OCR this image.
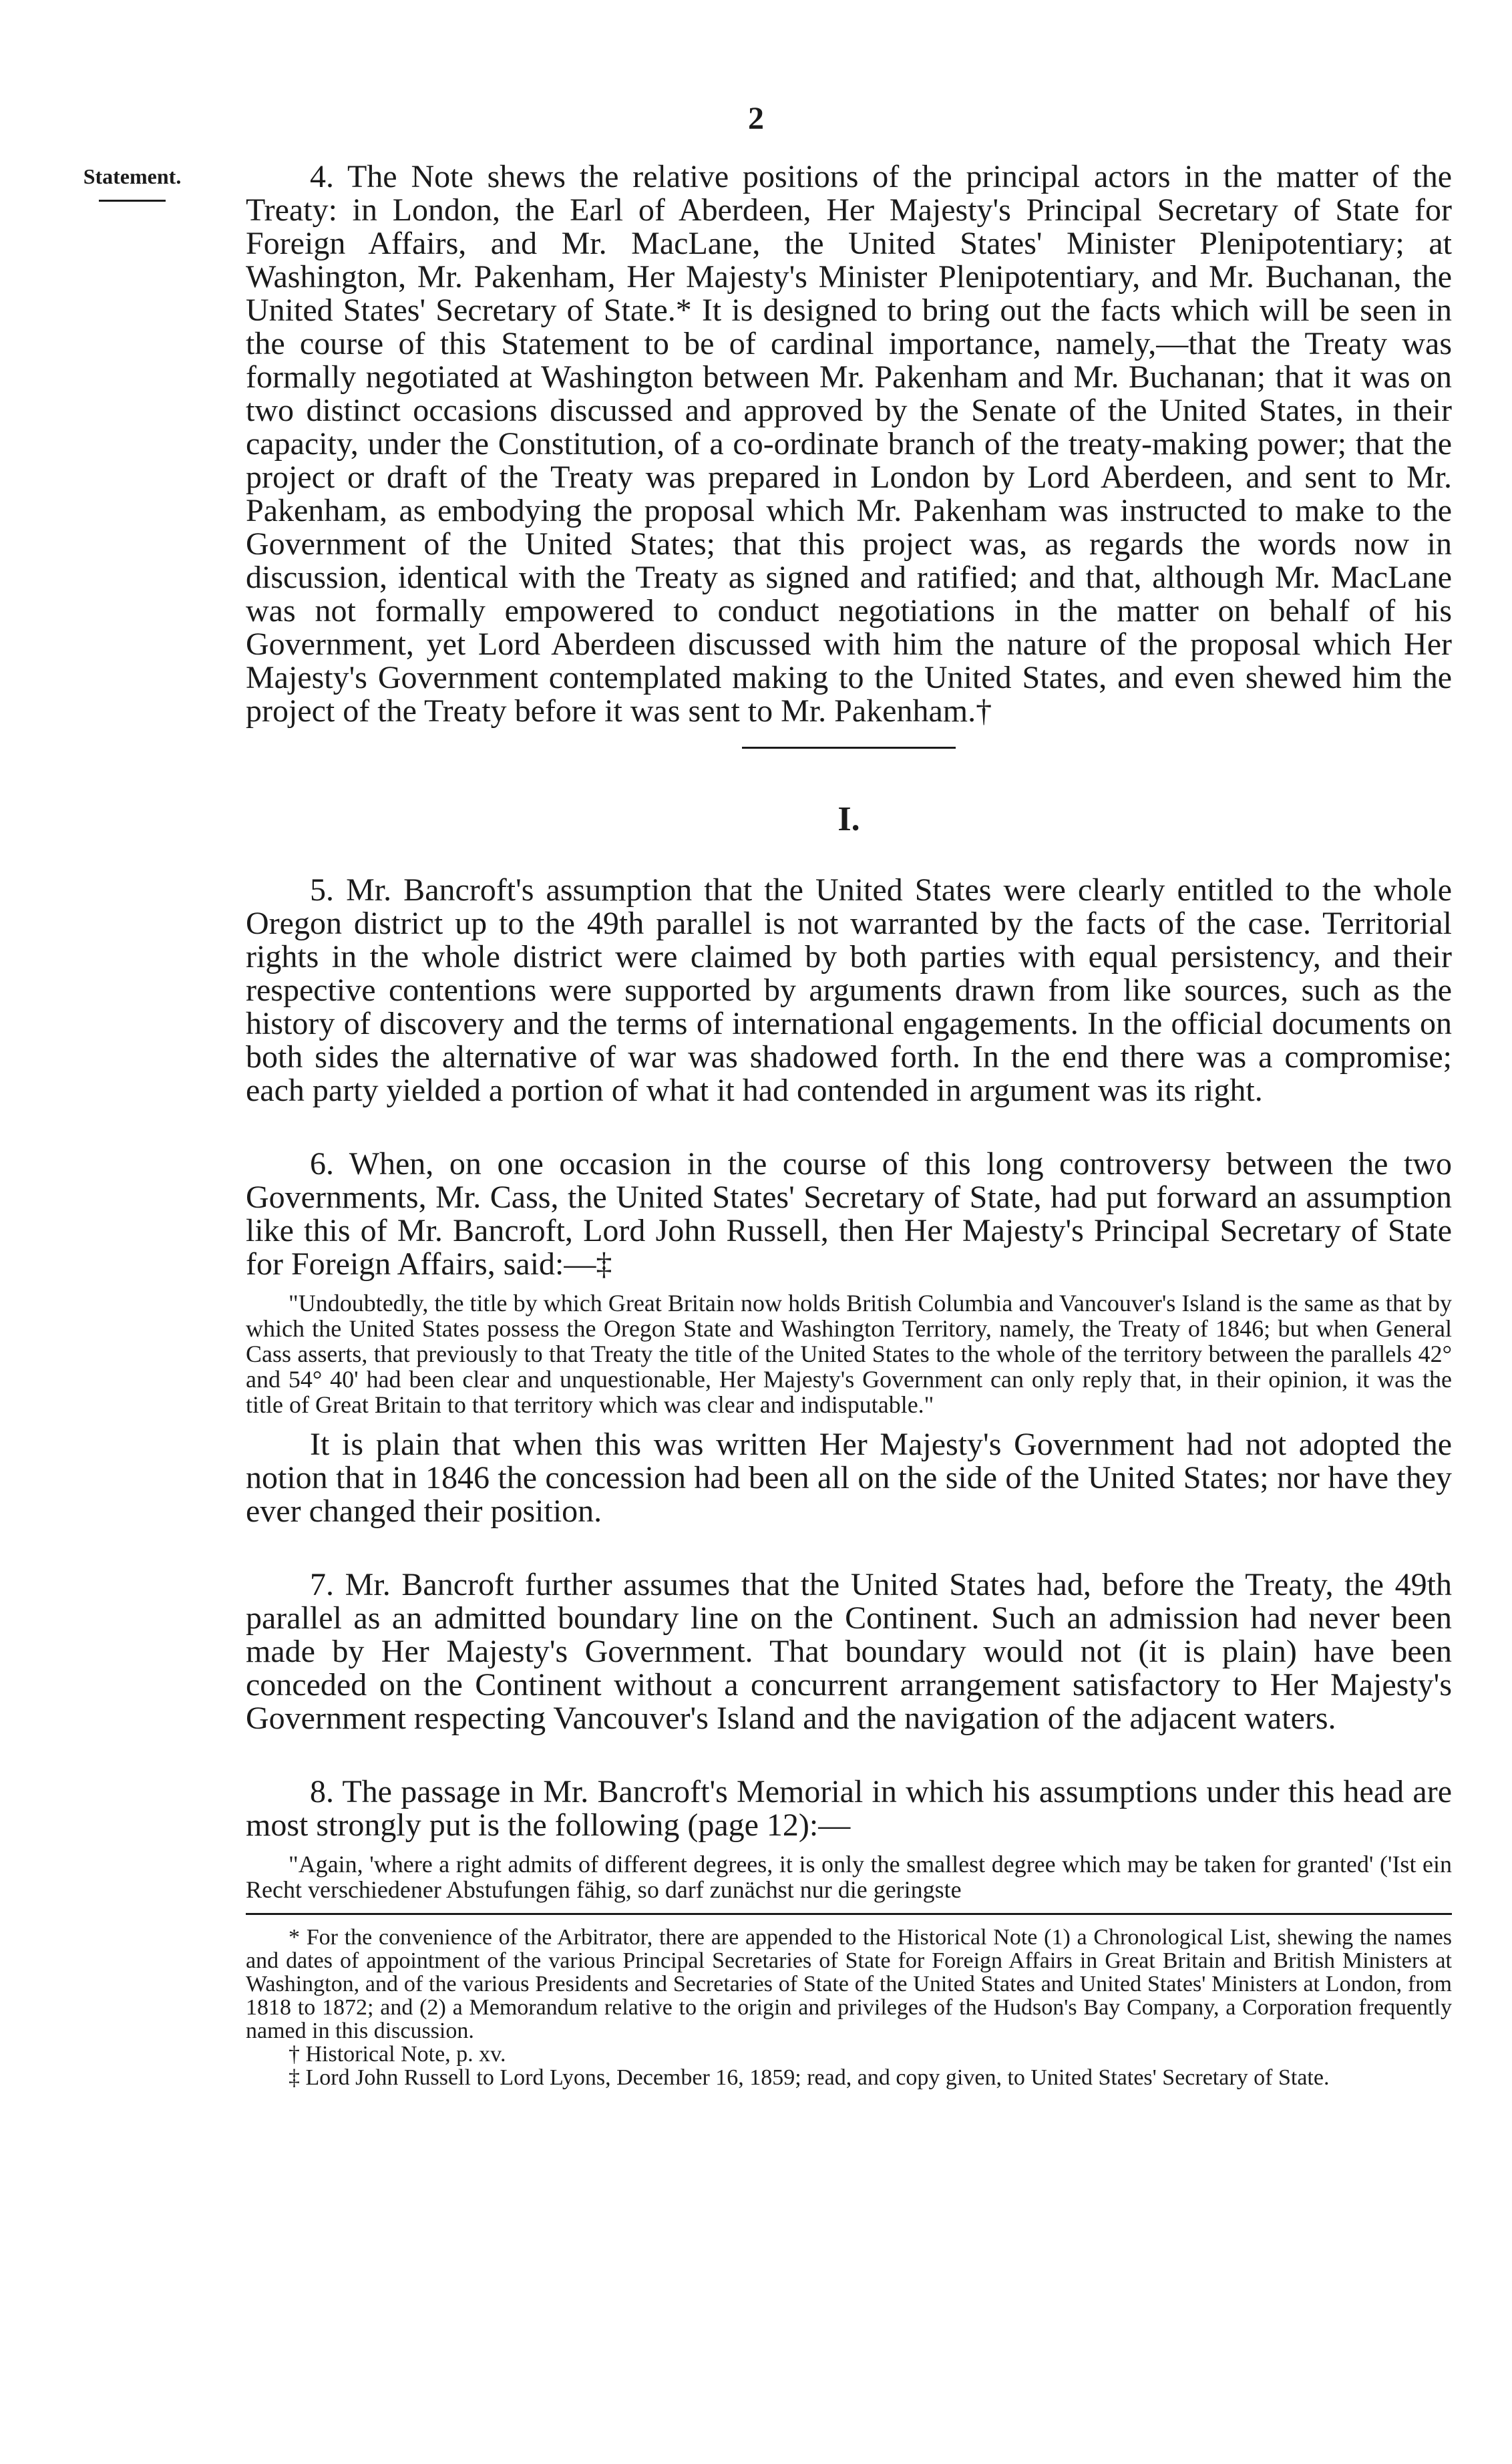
2
Statement.	4. The Note shews the relative positions of the principal actors in the matter of the Treaty: in London, the Earl of Aberdeen, Her Majesty's Principal Secretary of State for Foreign Affairs, and Mr. MacLane, the United States' Minister Plenipotentiary; at Washington, Mr. Pakenham, Her Majesty's Minister Plenipotentiary, and Mr. Buchanan, the United States' Secretary of State.* It is designed to bring out the facts which will be seen in the course of this Statement to be of cardinal importance, namely,—that the Treaty was formally negotiated at Washington between Mr. Pakenham and Mr. Buchanan; that it was on two distinct occasions discussed and approved by the Senate of the United States, in their capacity, under the Constitution, of a co-ordinate branch of the treaty-making power; that the project or draft of the Treaty was prepared in London by Lord Aberdeen, and sent to Mr. Pakenham, as embodying the proposal which Mr. Pakenham was instructed to make to the Government of the United States; that this project was, as regards the words now in discussion, identical with the Treaty as signed and ratified; and that, although Mr. MacLane was not formally empowered to conduct negotiations in the matter on behalf of his Government, yet Lord Aberdeen discussed with him the nature of the proposal which Her Majesty's Government contemplated making to the United States, and even shewed him the project of the Treaty before it was sent to Mr. Pakenham.†

I.

5. Mr. Bancroft's assumption that the United States were clearly entitled to the whole Oregon district up to the 49th parallel is not warranted by the facts of the case. Territorial rights in the whole district were claimed by both parties with equal persistency, and their respective contentions were supported by arguments drawn from like sources, such as the history of discovery and the terms of international engagements. In the official documents on both sides the alternative of war was shadowed forth. In the end there was a compromise; each party yielded a portion of what it had contended in argument was its right.

6. When, on one occasion in the course of this long controversy between the two Governments, Mr. Cass, the United States' Secretary of State, had put forward an assumption like this of Mr. Bancroft, Lord John Russell, then Her Majesty's Principal Secretary of State for Foreign Affairs, said:—‡

"Undoubtedly, the title by which Great Britain now holds British Columbia and Vancouver's Island is the same as that by which the United States possess the Oregon State and Washington Territory, namely, the Treaty of 1846; but when General Cass asserts, that previously to that Treaty the title of the United States to the whole of the territory between the parallels 42° and 54° 40' had been clear and unquestionable, Her Majesty's Government can only reply that, in their opinion, it was the title of Great Britain to that territory which was clear and indisputable."

It is plain that when this was written Her Majesty's Government had not adopted the notion that in 1846 the concession had been all on the side of the United States; nor have they ever changed their position.

7. Mr. Bancroft further assumes that the United States had, before the Treaty, the 49th parallel as an admitted boundary line on the Continent. Such an admission had never been made by Her Majesty's Government. That boundary would not (it is plain) have been conceded on the Continent without a concurrent arrangement satisfactory to Her Majesty's Government respecting Vancouver's Island and the navigation of the adjacent waters.

8. The passage in Mr. Bancroft's Memorial in which his assumptions under this head are most strongly put is the following (page 12):—

"Again, 'where a right admits of different degrees, it is only the smallest degree which may be taken for granted' ('Ist ein Recht verschiedener Abstufungen fähig, so darf zunächst nur die geringste

* For the convenience of the Arbitrator, there are appended to the Historical Note (1) a Chronological List, shewing the names and dates of appointment of the various Principal Secretaries of State for Foreign Affairs in Great Britain and British Ministers at Washington, and of the various Presidents and Secretaries of State of the United States and United States' Ministers at London, from 1818 to 1872; and (2) a Memorandum relative to the origin and privileges of the Hudson's Bay Company, a Corporation frequently named in this discussion.

† Historical Note, p. xv.

‡ Lord John Russell to Lord Lyons, December 16, 1859; read, and copy given, to United States' Secretary of State.
